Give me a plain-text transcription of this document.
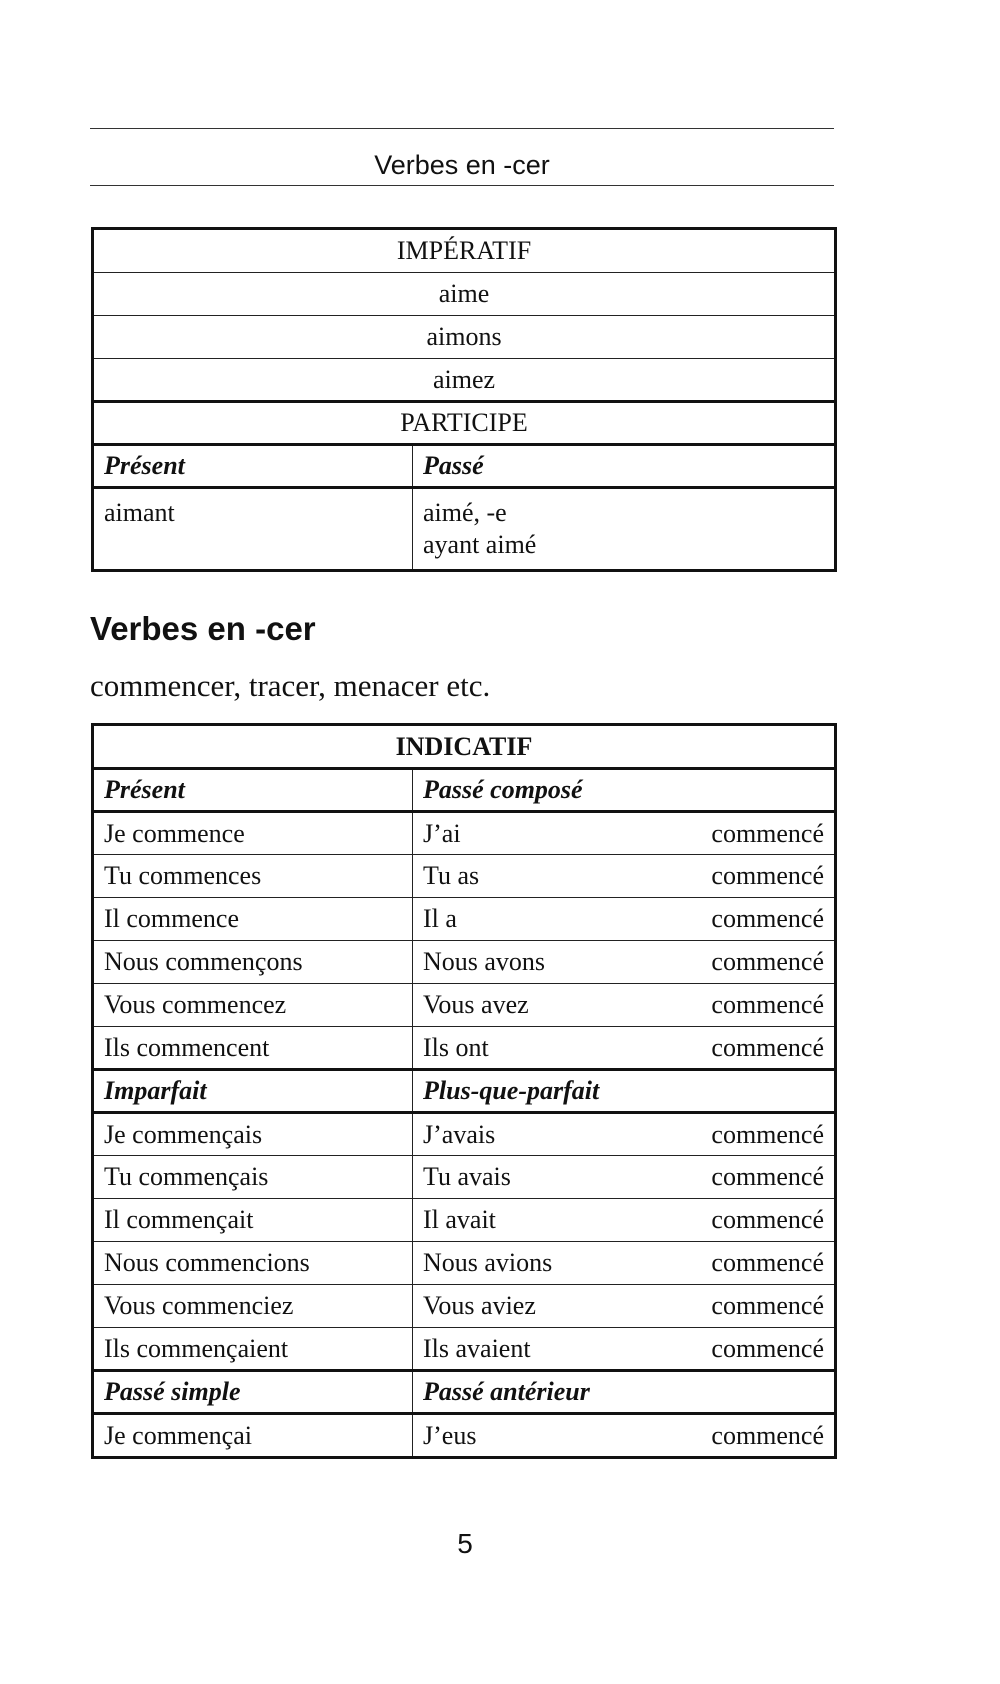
Verbes en -cer
IMPÉRATIF	
aime	
aimons	
aimez	
PARTICIPE	
Présent	Passé
aimant	aimé, -e
ayant aimé
Verbes en -cer
commencer, tracer, menacer etc.
INDICATIF	
Présent	Passé composé
Je commence	J’ai commencé

Tu commences	Tu as commencé

Il commence	Il a commencé

Nous commençons	Nous avons commencé

Vous commencez	Vous avez commencé

Ils commencent	Ils ont commencé

Imparfait	Plus-que-parfait
Je commençais	J’avais commencé

Tu commençais	Tu avais commencé

Il commençait	Il avait commencé

Nous commencions	Nous avions commencé

Vous commenciez	Vous aviez commencé

Ils commençaient	Ils avaient commencé

Passé simple	Passé antérieur
Je commençai	J’eus commencé
5
